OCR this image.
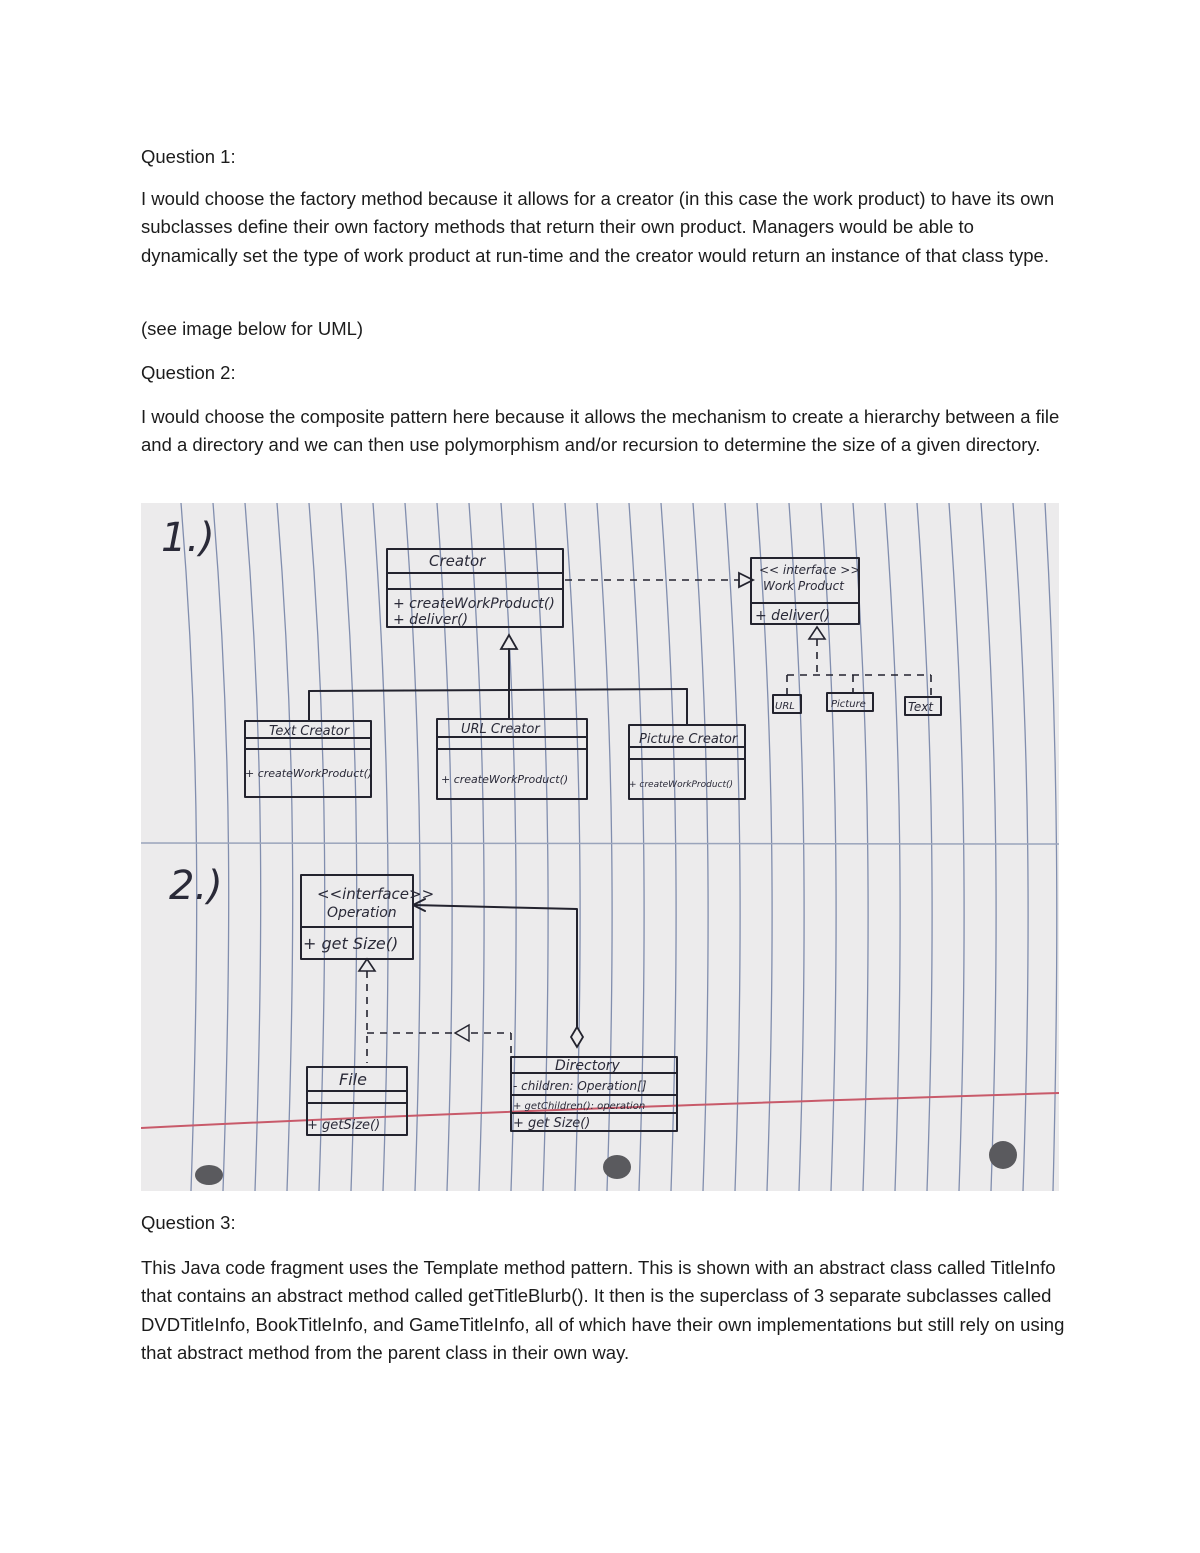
Question 1:
I would choose the factory method because it allows for a creator (in this case the work product) to have its own subclasses define their own factory methods that return their own product. Managers would be able to dynamically set the type of work product at run-time and the creator would return an instance of that class type.
(see image below for UML)
Question 2:
I would choose the composite pattern here because it allows the mechanism to create a hierarchy between a file and a directory and we can then use polymorphism and/or recursion to determine the size of a given directory.
1.)	Creator
+ createWorkProduct()
+ deliver()
<< interface >>
Work Product
+ deliver()
URL	Picture	Text
Text Creator
+ createWorkProduct()
URL Creator
+ createWorkProduct()
Picture Creator
+ createWorkProduct()
2.)	<<interface>>
Operation
+ get Size()
File
+ getSize()
Directory
- children: Operation[]
+ getChildren(): operation
+ get Size()
Question 3:
This Java code fragment uses the Template method pattern. This is shown with an abstract class called TitleInfo that contains an abstract method called getTitleBlurb(). It then is the superclass of 3 separate subclasses called DVDTitleInfo, BookTitleInfo, and GameTitleInfo, all of which have their own implementations but still rely on using that abstract method from the parent class in their own way.
